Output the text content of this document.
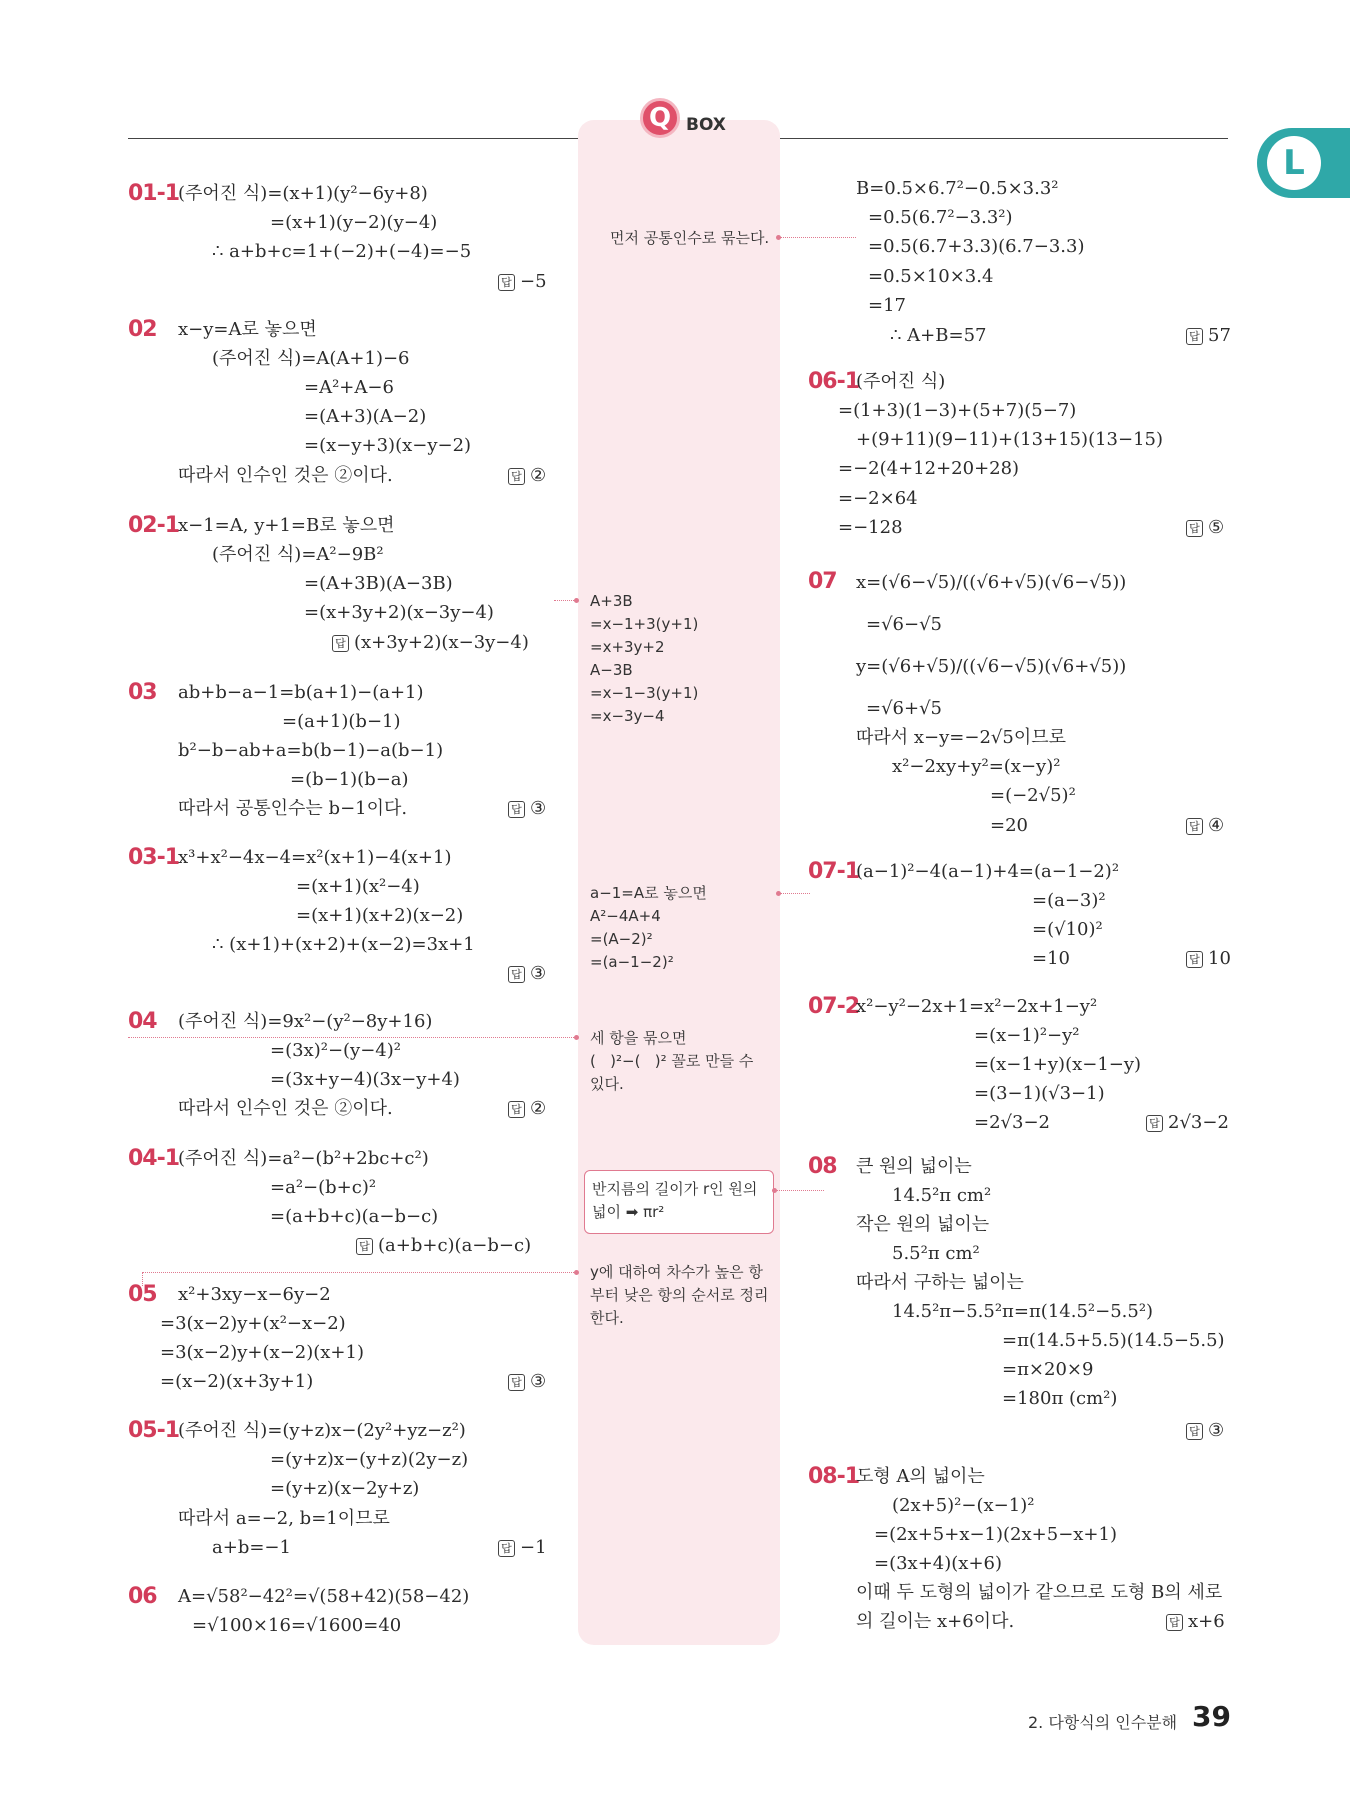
Q BOX
L
01-1
(주어진 식)=(x+1)(y²−6y+8)
=(x+1)(y−2)(y−4)
∴ a+b+c=1+(−2)+(−4)=−5
답 −5
02 x−y=A로 놓으면
(주어진 식)=A(A+1)−6
=A²+A−6
=(A+3)(A−2)
=(x−y+3)(x−y−2)
따라서 인수인 것은 ②이다.	답 ②
02-1
x−1=A, y+1=B로 놓으면
(주어진 식)=A²−9B²
=(A+3B)(A−3B)
=(x+3y+2)(x−3y−4)
답 (x+3y+2)(x−3y−4)
03 ab+b−a−1=b(a+1)−(a+1)
=(a+1)(b−1)
b²−b−ab+a=b(b−1)−a(b−1)
=(b−1)(b−a)
따라서 공통인수는 b−1이다.	답 ③
03-1
x³+x²−4x−4=x²(x+1)−4(x+1)
=(x+1)(x²−4)
=(x+1)(x+2)(x−2)
∴ (x+1)+(x+2)+(x−2)=3x+1
답 ③
04 (주어진 식)=9x²−(y²−8y+16)
=(3x)²−(y−4)²
=(3x+y−4)(3x−y+4)
따라서 인수인 것은 ②이다.	답 ②
04-1
(주어진 식)=a²−(b²+2bc+c²)
=a²−(b+c)²
=(a+b+c)(a−b−c)
답 (a+b+c)(a−b−c)
05 x²+3xy−x−6y−2
=3(x−2)y+(x²−x−2)
=3(x−2)y+(x−2)(x+1)
=(x−2)(x+3y+1)	답 ③
05-1
(주어진 식)=(y+z)x−(2y²+yz−z²)
=(y+z)x−(y+z)(2y−z)
=(y+z)(x−2y+z)
따라서 a=−2, b=1이므로
a+b=−1	답 −1
06 A=√58²−42²=√(58+42)(58−42)
=√100×16=√1600=40
B=0.5×6.7²−0.5×3.3²
=0.5(6.7²−3.3²)
=0.5(6.7+3.3)(6.7−3.3)
=0.5×10×3.4
=17
∴ A+B=57	답 57
06-1
(주어진 식)
=(1+3)(1−3)+(5+7)(5−7)
+(9+11)(9−11)+(13+15)(13−15)
=−2(4+12+20+28)
=−2×64
=−128	답 ⑤
07 x=(√6−√5)/((√6+√5)(√6−√5))
=√6−√5
y=(√6+√5)/((√6−√5)(√6+√5))
=√6+√5
따라서 x−y=−2√5이므로
x²−2xy+y²=(x−y)²
=(−2√5)²
=20	답 ④
07-1
(a−1)²−4(a−1)+4=(a−1−2)²
=(a−3)²
=(√10)²
=10	답 10
07-2
x²−y²−2x+1=x²−2x+1−y²
=(x−1)²−y²
=(x−1+y)(x−1−y)
=(3−1)(√3−1)
=2√3−2	답 2√3−2
08 큰 원의 넓이는
14.5²π cm²
작은 원의 넓이는
5.5²π cm²
따라서 구하는 넓이는
14.5²π−5.5²π=π(14.5²−5.5²)
=π(14.5+5.5)(14.5−5.5)
=π×20×9
=180π (cm²)
답 ③
08-1
도형 A의 넓이는
(2x+5)²−(x−1)²
=(2x+5+x−1)(2x+5−x+1)
=(3x+4)(x+6)
이때 두 도형의 넓이가 같으므로 도형 B의 세로
의 길이는 x+6이다.	답 x+6
먼저 공통인수로 묶는다.
A+3B
=x−1+3(y+1)
=x+3y+2
A−3B
=x−1−3(y+1)
=x−3y−4
a−1=A로 놓으면
A²−4A+4
=(A−2)²
=(a−1−2)²
세 항을 묶으면
(   )²−(   )² 꼴로 만들 수
있다.
반지름의 길이가 r인 원의
넓이 ➡ πr²
y에 대하여 차수가 높은 항
부터 낮은 항의 순서로 정리
한다.
2. 다항식의 인수분해 39
